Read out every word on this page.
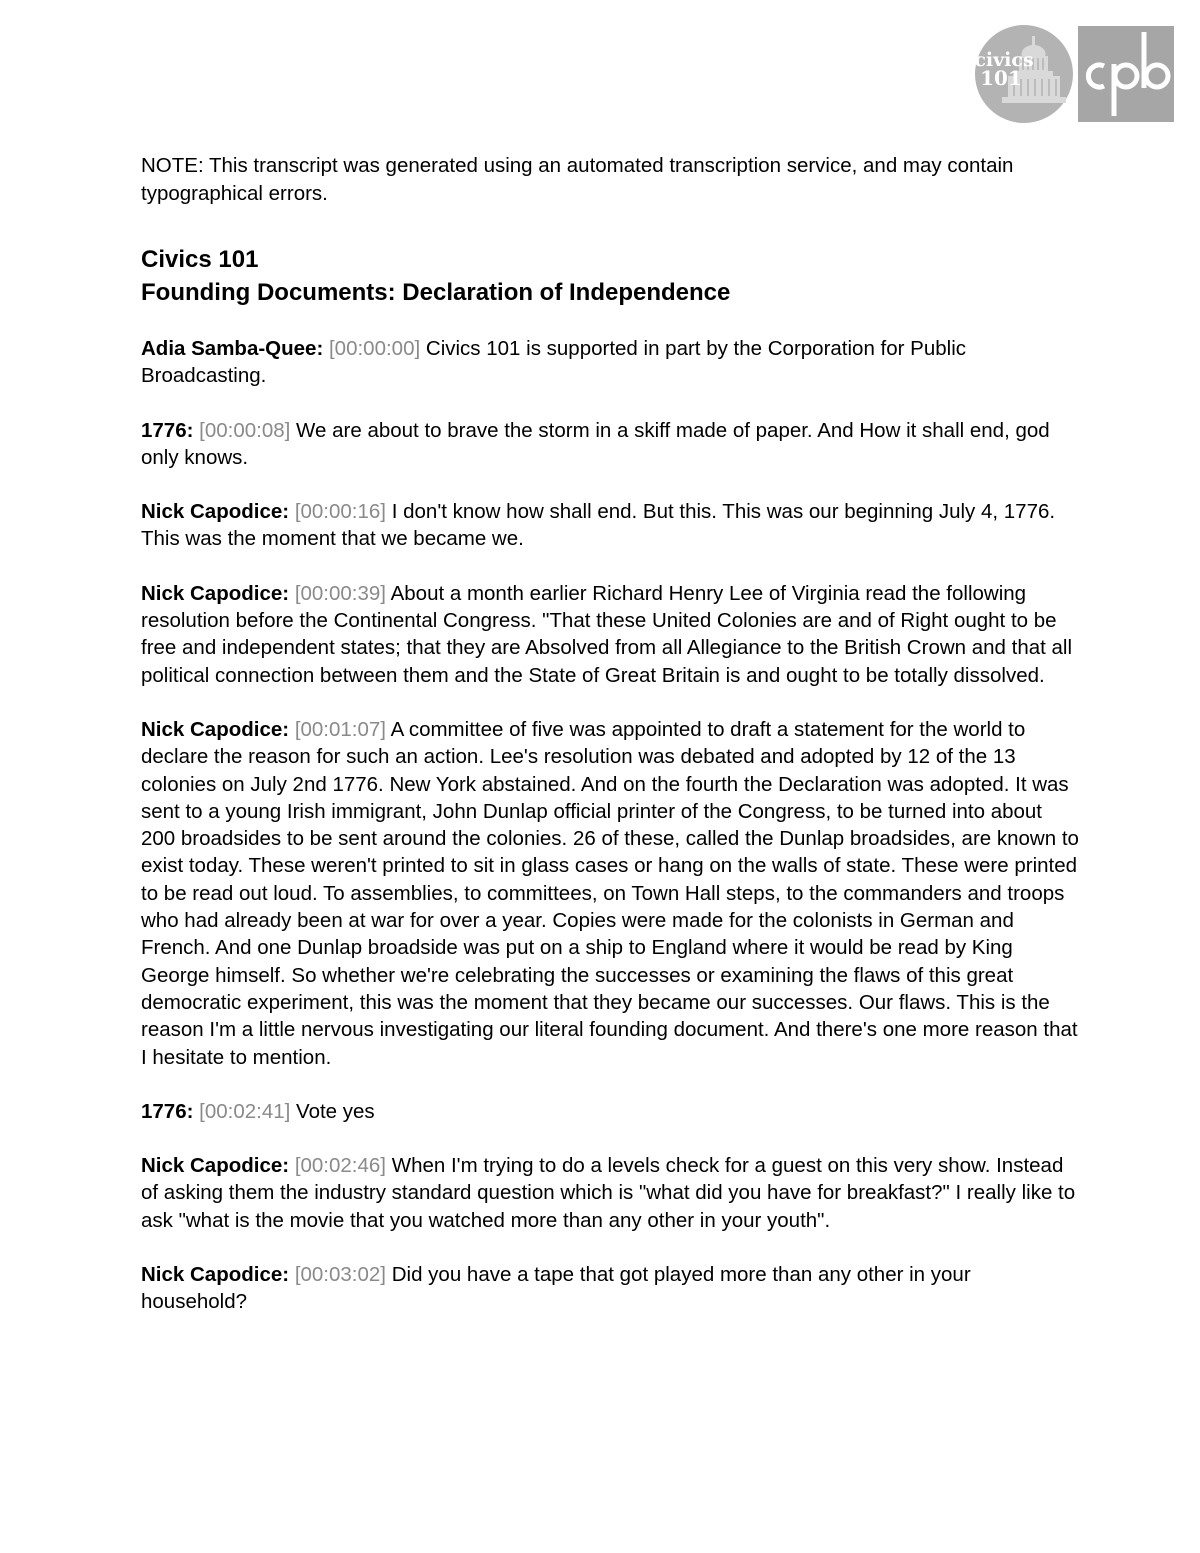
civics
101

NOTE: This transcript was generated using an automated transcription service, and may contain typographical errors.

Civics 101
Founding Documents: Declaration of Independence

Adia Samba-Quee: [00:00:00] Civics 101 is supported in part by the Corporation for Public Broadcasting.

1776: [00:00:08] We are about to brave the storm in a skiff made of paper. And How it shall end, god only knows.

Nick Capodice: [00:00:16] I don't know how shall end. But this. This was our beginning July 4, 1776. This was the moment that we became we.

Nick Capodice: [00:00:39] About a month earlier Richard Henry Lee of Virginia read the following resolution before the Continental Congress. "That these United Colonies are and of Right ought to be free and independent states; that they are Absolved from all Allegiance to the British Crown and that all political connection between them and the State of Great Britain is and ought to be totally dissolved.

Nick Capodice: [00:01:07] A committee of five was appointed to draft a statement for the world to declare the reason for such an action. Lee's resolution was debated and adopted by 12 of the 13 colonies on July 2nd 1776. New York abstained. And on the fourth the Declaration was adopted. It was sent to a young Irish immigrant, John Dunlap official printer of the Congress, to be turned into about 200 broadsides to be sent around the colonies. 26 of these, called the Dunlap broadsides, are known to exist today. These weren't printed to sit in glass cases or hang on the walls of state. These were printed to be read out loud. To assemblies, to committees, on Town Hall steps, to the commanders and troops who had already been at war for over a year. Copies were made for the colonists in German and French. And one Dunlap broadside was put on a ship to England where it would be read by King George himself. So whether we're celebrating the successes or examining the flaws of this great democratic experiment, this was the moment that they became our successes. Our flaws. This is the reason I'm a little nervous investigating our literal founding document. And there's one more reason that I hesitate to mention.

1776: [00:02:41] Vote yes

Nick Capodice: [00:02:46] When I'm trying to do a levels check for a guest on this very show. Instead of asking them the industry standard question which is "what did you have for breakfast?" I really like to ask "what is the movie that you watched more than any other in your youth".

Nick Capodice: [00:03:02] Did you have a tape that got played more than any other in your household?
